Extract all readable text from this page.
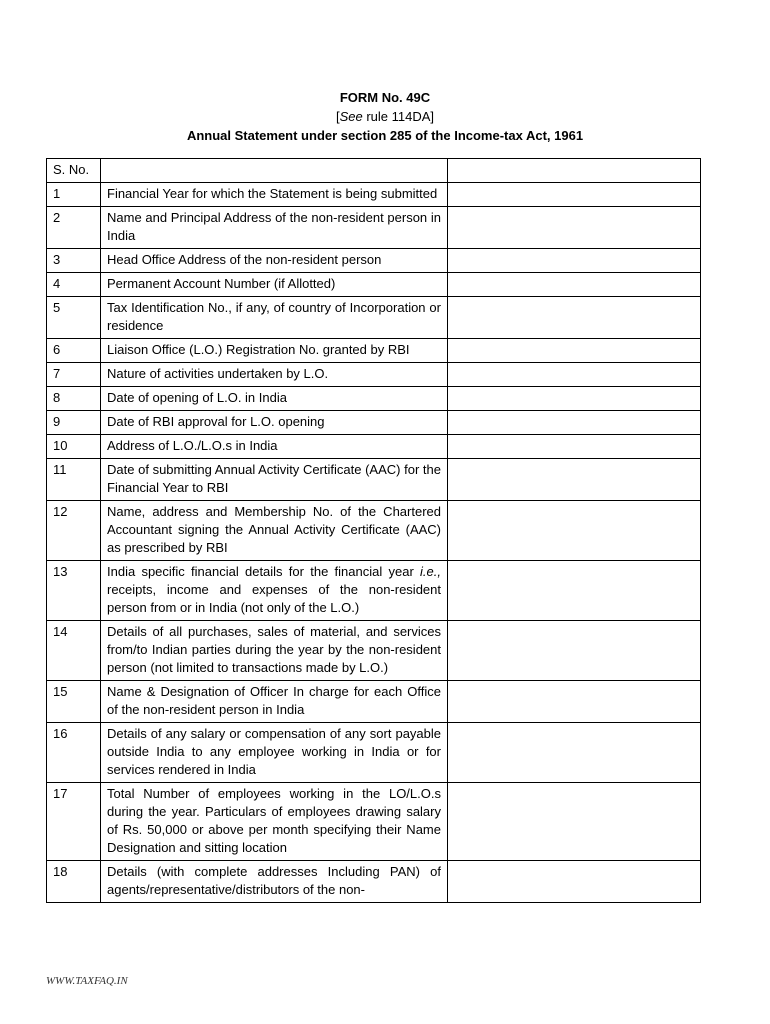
FORM No. 49C
[See rule 114DA]
Annual Statement under section 285 of the Income-tax Act, 1961
S. No.		
1	Financial Year for which the Statement is being submitted	

2	Name and Principal Address of the non-resident person in India	

3	Head Office Address of the non-resident person	

4	Permanent Account Number (if Allotted)	

5	Tax Identification No., if any, of country of Incorporation or residence	

6	Liaison Office (L.O.) Registration No. granted by RBI	

7	Nature of activities undertaken by L.O.	

8	Date of opening of L.O. in India	

9	Date of RBI approval for L.O. opening	

10	Address of L.O./L.O.s in India	

11	Date of submitting Annual Activity Certificate (AAC) for the Financial Year to RBI	

12	Name, address and Membership No. of the Chartered Accountant signing the Annual Activity Certificate (AAC) as prescribed by RBI	

13	India specific financial details for the financial year i.e., receipts, income and expenses of the non-resident person from or in India (not only of the L.O.)	

14	Details of all purchases, sales of material, and services from/to Indian parties during the year by the non-resident person (not limited to transactions made by L.O.)	

15	Name & Designation of Officer In charge for each Office of the non-resident person in India	

16	Details of any salary or compensation of any sort payable outside India to any employee working in India or for services rendered in India	

17	Total Number of employees working in the LO/L.O.s during the year. Particulars of employees drawing salary of Rs. 50,000 or above per month specifying their Name Designation and sitting location	

18	Details (with complete addresses Including PAN) of agents/representative/distributors of the non-	
WWW.TAXFAQ.IN
